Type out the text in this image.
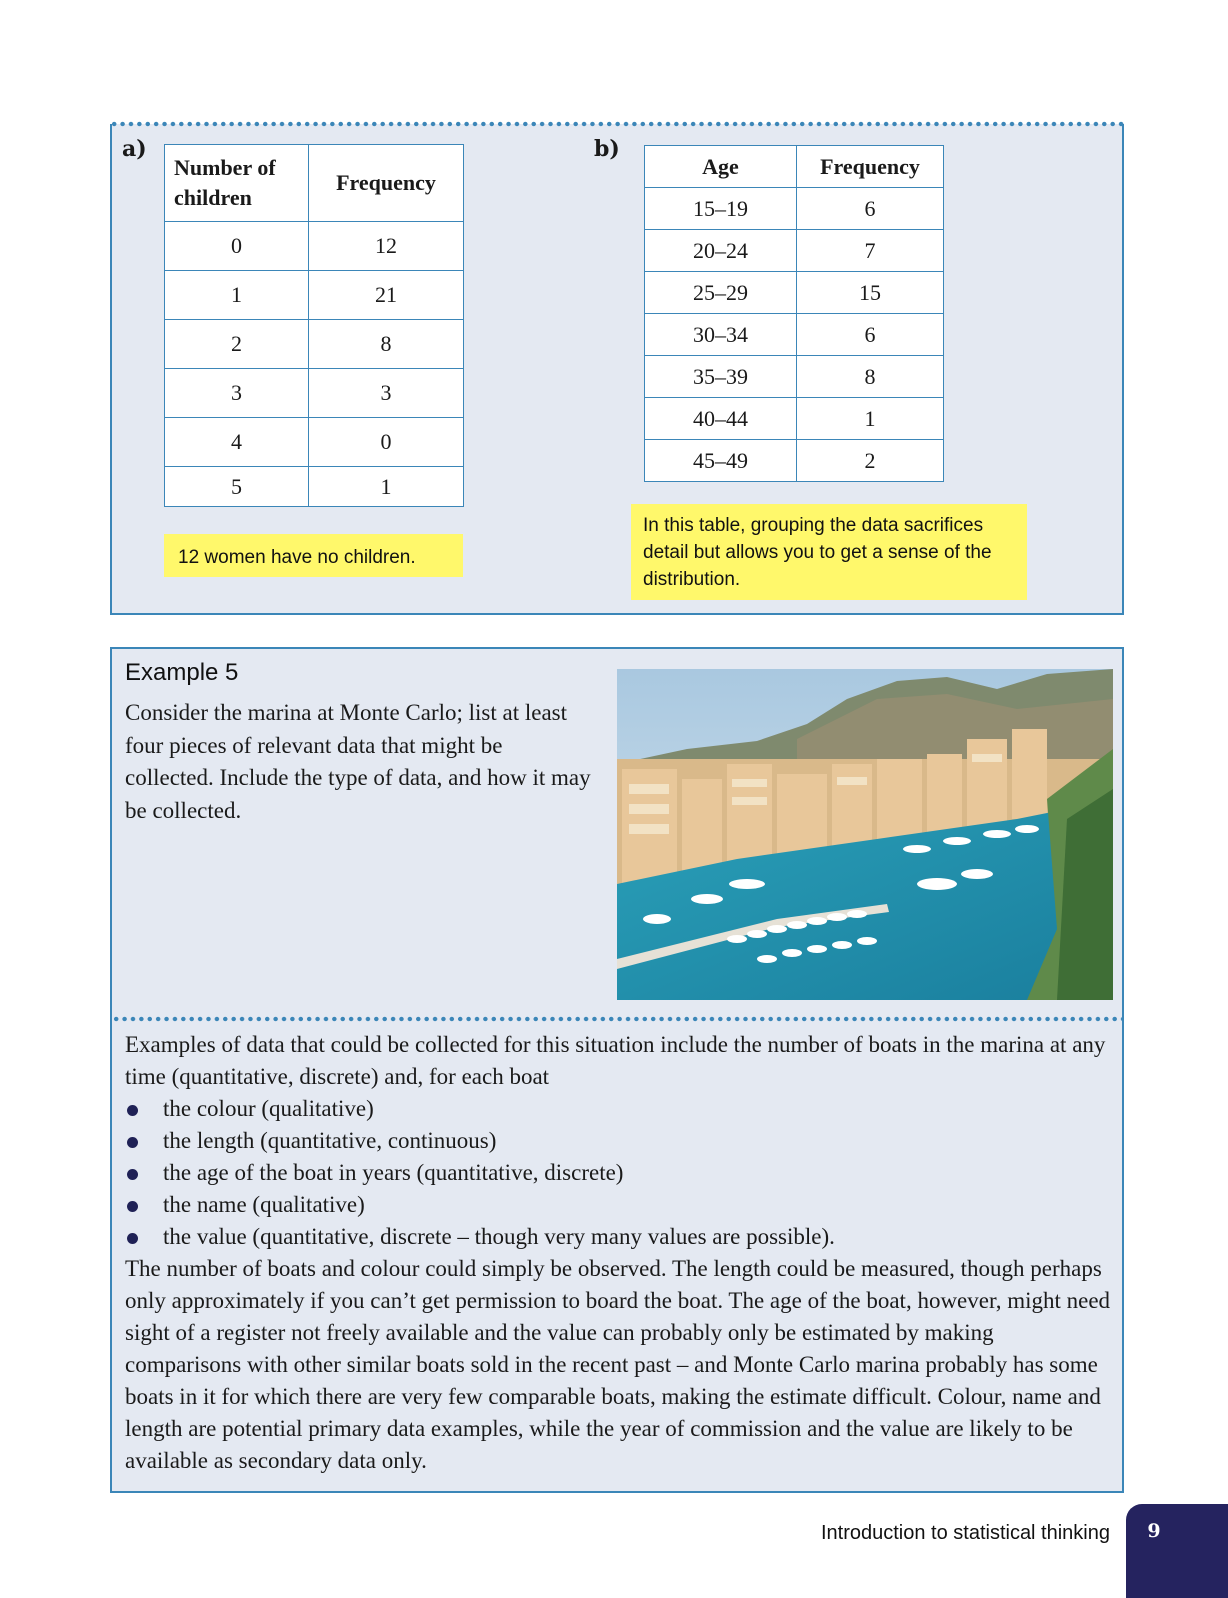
a)
Number of children	Frequency
0	12
1	21
2	8
3	3
4	0
5	1
12 women have no children.
b)
Age	Frequency
15–19	6
20–24	7
25–29	15
30–34	6
35–39	8
40–44	1
45–49	2
In this table, grouping the data sacrifices detail but allows you to get a sense of the distribution.
Example 5
Consider the marina at Monte Carlo; list at least four pieces of relevant data that might be collected. Include the type of data, and how it may be collected.

Examples of data that could be collected for this situation include the number of boats in the marina at any time (quantitative, discrete) and, for each boat

the colour (qualitative)
the length (quantitative, continuous)
the age of the boat in years (quantitative, discrete)
the name (qualitative)
the value (quantitative, discrete – though very many values are possible).

The number of boats and colour could simply be observed. The length could be measured, though perhaps only approximately if you can’t get permission to board the boat. The age of the boat, however, might need sight of a register not freely available and the value can probably only be estimated by making comparisons with other similar boats sold in the recent past – and Monte Carlo marina probably has some boats in it for which there are very few comparable boats, making the estimate difficult. Colour, name and length are potential primary data examples, while the year of commission and the value are likely to be available as secondary data only.

Introduction to statistical thinking	9
